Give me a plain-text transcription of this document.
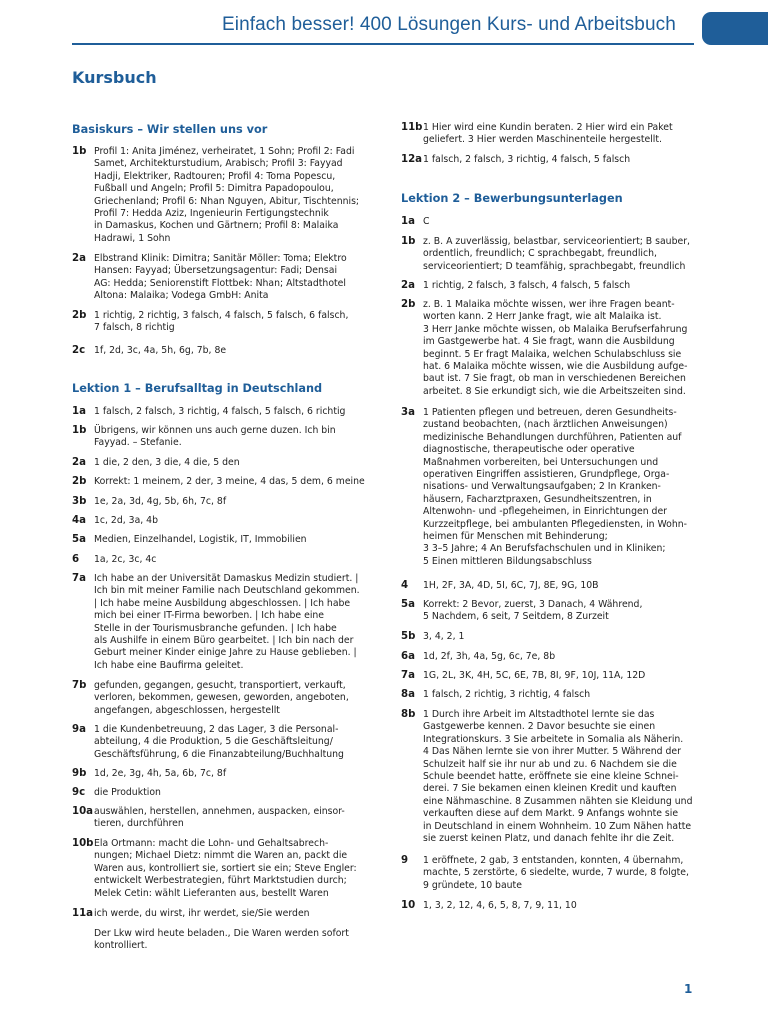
Einfach besser! 400 Lösungen Kurs- und Arbeitsbuch
Kursbuch
Basiskurs – Wir stellen uns vor
1b Profil 1: Anita Jiménez, verheiratet, 1 Sohn; Profil 2: Fadi
Samet, Architekturstudium, Arabisch; Profil 3: Fayyad
Hadji, Elektriker, Radtouren; Profil 4: Toma Popescu,
Fußball und Angeln; Profil 5: Dimitra Papadopoulou,
Griechenland; Profil 6: Nhan Nguyen, Abitur, Tischtennis;
Profil 7: Hedda Aziz, Ingenieurin Fertigungstechnik
in Damaskus, Kochen und Gärtnern; Profil 8: Malaika
Hadrawi, 1 Sohn
2a Elbstrand Klinik: Dimitra; Sanitär Möller: Toma; Elektro
Hansen: Fayyad; Übersetzungsagentur: Fadi; Densai
AG: Hedda; Seniorenstift Flottbek: Nhan; Altstadthotel
Altona: Malaika; Vodega GmbH: Anita
2b 1 richtig, 2 richtig, 3 falsch, 4 falsch, 5 falsch, 6 falsch,
7 falsch, 8 richtig
2c 1f, 2d, 3c, 4a, 5h, 6g, 7b, 8e
Lektion 1 – Berufsalltag in Deutschland
1a 1 falsch, 2 falsch, 3 richtig, 4 falsch, 5 falsch, 6 richtig
1b Übrigens, wir können uns auch gerne duzen. Ich bin
Fayyad. – Stefanie.
2a 1 die, 2 den, 3 die, 4 die, 5 den
2b Korrekt: 1 meinem, 2 der, 3 meine, 4 das, 5 dem, 6 meine
3b 1e, 2a, 3d, 4g, 5b, 6h, 7c, 8f
4a 1c, 2d, 3a, 4b
5a Medien, Einzelhandel, Logistik, IT, Immobilien
6 1a, 2c, 3c, 4c
7a Ich habe an der Universität Damaskus Medizin studiert. |
Ich bin mit meiner Familie nach Deutschland gekommen.
| Ich habe meine Ausbildung abgeschlossen. | Ich habe
mich bei einer IT-Firma beworben. | Ich habe eine
Stelle in der Tourismusbranche gefunden. | Ich habe
als Aushilfe in einem Büro gearbeitet. | Ich bin nach der
Geburt meiner Kinder einige Jahre zu Hause geblieben. |
Ich habe eine Baufirma geleitet.
7b gefunden, gegangen, gesucht, transportiert, verkauft,
verloren, bekommen, gewesen, geworden, angeboten,
angefangen, abgeschlossen, hergestellt
9a 1 die Kundenbetreuung, 2 das Lager, 3 die Personal-
abteilung, 4 die Produktion, 5 die Geschäftsleitung/
Geschäftsführung, 6 die Finanzabteilung/Buchhaltung
9b 1d, 2e, 3g, 4h, 5a, 6b, 7c, 8f
9c die Produktion
10a auswählen, herstellen, annehmen, auspacken, einsor-
tieren, durchführen
10b Ela Ortmann: macht die Lohn- und Gehaltsabrech-
nungen; Michael Dietz: nimmt die Waren an, packt die
Waren aus, kontrolliert sie, sortiert sie ein; Steve Engler:
entwickelt Werbestrategien, führt Marktstudien durch;
Melek Cetin: wählt Lieferanten aus, bestellt Waren
11a ich werde, du wirst, ihr werdet, sie/Sie werden
Der Lkw wird heute beladen., Die Waren werden sofort
kontrolliert.
11b 1 Hier wird eine Kundin beraten. 2 Hier wird ein Paket
geliefert. 3 Hier werden Maschinenteile hergestellt.
12a 1 falsch, 2 falsch, 3 richtig, 4 falsch, 5 falsch
Lektion 2 – Bewerbungsunterlagen
1a C
1b z. B. A zuverlässig, belastbar, serviceorientiert; B sauber,
ordentlich, freundlich; C sprachbegabt, freundlich,
serviceorientiert; D teamfähig, sprachbegabt, freundlich
2a 1 richtig, 2 falsch, 3 falsch, 4 falsch, 5 falsch
2b z. B. 1 Malaika möchte wissen, wer ihre Fragen beant-
worten kann. 2 Herr Janke fragt, wie alt Malaika ist.
3 Herr Janke möchte wissen, ob Malaika Berufserfahrung
im Gastgewerbe hat. 4 Sie fragt, wann die Ausbildung
beginnt. 5 Er fragt Malaika, welchen Schulabschluss sie
hat. 6 Malaika möchte wissen, wie die Ausbildung aufge-
baut ist. 7 Sie fragt, ob man in verschiedenen Bereichen
arbeitet. 8 Sie erkundigt sich, wie die Arbeitszeiten sind.
3a 1 Patienten pflegen und betreuen, deren Gesundheits-
zustand beobachten, (nach ärztlichen Anweisungen)
medizinische Behandlungen durchführen, Patienten auf
diagnostische, therapeutische oder operative
Maßnahmen vorbereiten, bei Untersuchungen und
operativen Eingriffen assistieren, Grundpflege, Orga-
nisations- und Verwaltungsaufgaben; 2 In Kranken-
häusern, Facharztpraxen, Gesundheitszentren, in
Altenwohn- und -pflegeheimen, in Einrichtungen der
Kurzzeitpflege, bei ambulanten Pflegediensten, in Wohn-
heimen für Menschen mit Behinderung;
3 3–5 Jahre; 4 An Berufsfachschulen und in Kliniken;
5 Einen mittleren Bildungsabschluss
4 1H, 2F, 3A, 4D, 5I, 6C, 7J, 8E, 9G, 10B
5a Korrekt: 2 Bevor, zuerst, 3 Danach, 4 Während,
5 Nachdem, 6 seit, 7 Seitdem, 8 Zurzeit
5b 3, 4, 2, 1
6a 1d, 2f, 3h, 4a, 5g, 6c, 7e, 8b
7a 1G, 2L, 3K, 4H, 5C, 6E, 7B, 8I, 9F, 10J, 11A, 12D
8a 1 falsch, 2 richtig, 3 richtig, 4 falsch
8b 1 Durch ihre Arbeit im Altstadthotel lernte sie das
Gastgewerbe kennen. 2 Davor besuchte sie einen
Integrationskurs. 3 Sie arbeitete in Somalia als Näherin.
4 Das Nähen lernte sie von ihrer Mutter. 5 Während der
Schulzeit half sie ihr nur ab und zu. 6 Nachdem sie die
Schule beendet hatte, eröffnete sie eine kleine Schnei-
derei. 7 Sie bekamen einen kleinen Kredit und kauften
eine Nähmaschine. 8 Zusammen nähten sie Kleidung und
verkauften diese auf dem Markt. 9 Anfangs wohnte sie
in Deutschland in einem Wohnheim. 10 Zum Nähen hatte
sie zuerst keinen Platz, und danach fehlte ihr die Zeit.
9 1 eröffnete, 2 gab, 3 entstanden, konnten, 4 übernahm,
machte, 5 zerstörte, 6 siedelte, wurde, 7 wurde, 8 folgte,
9 gründete, 10 baute
10 1, 3, 2, 12, 4, 6, 5, 8, 7, 9, 11, 10
1
